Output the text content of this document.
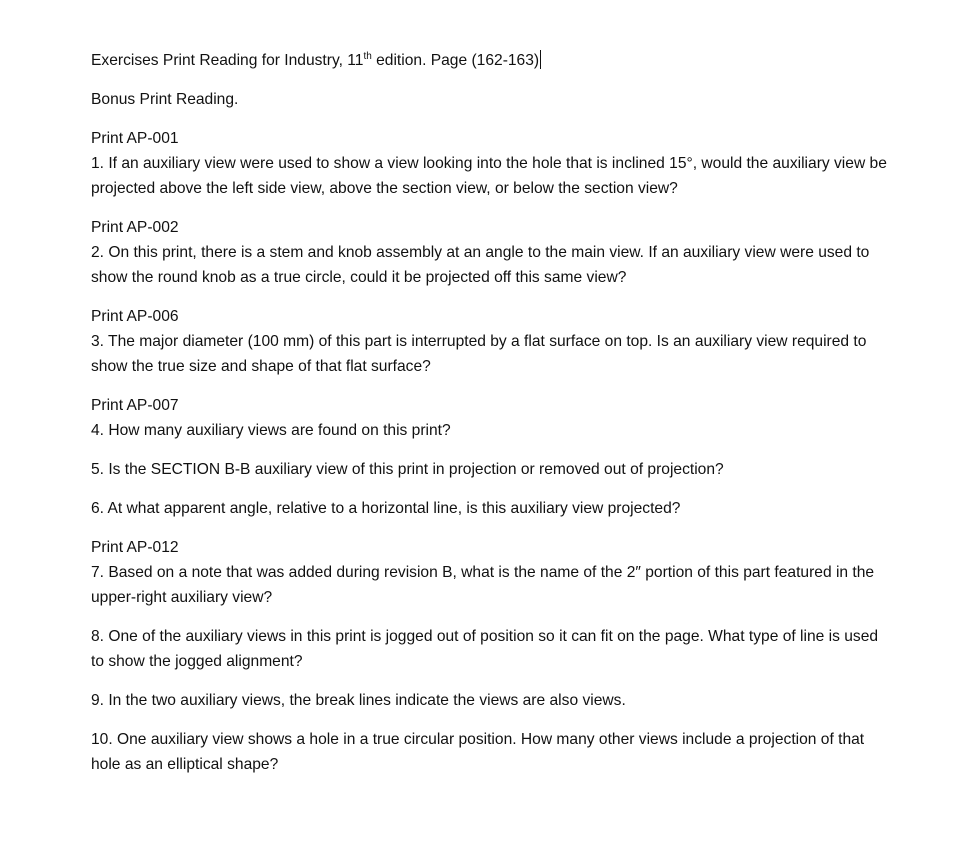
Exercises Print Reading for Industry, 11th edition. Page (162-163)
Bonus Print Reading.
Print AP-001
1. If an auxiliary view were used to show a view looking into the hole that is inclined 15°, would the auxiliary view be projected above the left side view, above the section view, or below the section view?
Print AP-002
2. On this print, there is a stem and knob assembly at an angle to the main view. If an auxiliary view were used to show the round knob as a true circle, could it be projected off this same view?
Print AP-006
3. The major diameter (100 mm) of this part is interrupted by a flat surface on top. Is an auxiliary view required to show the true size and shape of that flat surface?
Print AP-007
4. How many auxiliary views are found on this print?
5. Is the SECTION B-B auxiliary view of this print in projection or removed out of projection?
6. At what apparent angle, relative to a horizontal line, is this auxiliary view projected?
Print AP-012
7. Based on a note that was added during revision B, what is the name of the 2″ portion of this part featured in the upper-right auxiliary view?
8. One of the auxiliary views in this print is jogged out of position so it can fit on the page. What type of line is used to show the jogged alignment?
9. In the two auxiliary views, the break lines indicate the views are also views.
10. One auxiliary view shows a hole in a true circular position. How many other views include a projection of that hole as an elliptical shape?
